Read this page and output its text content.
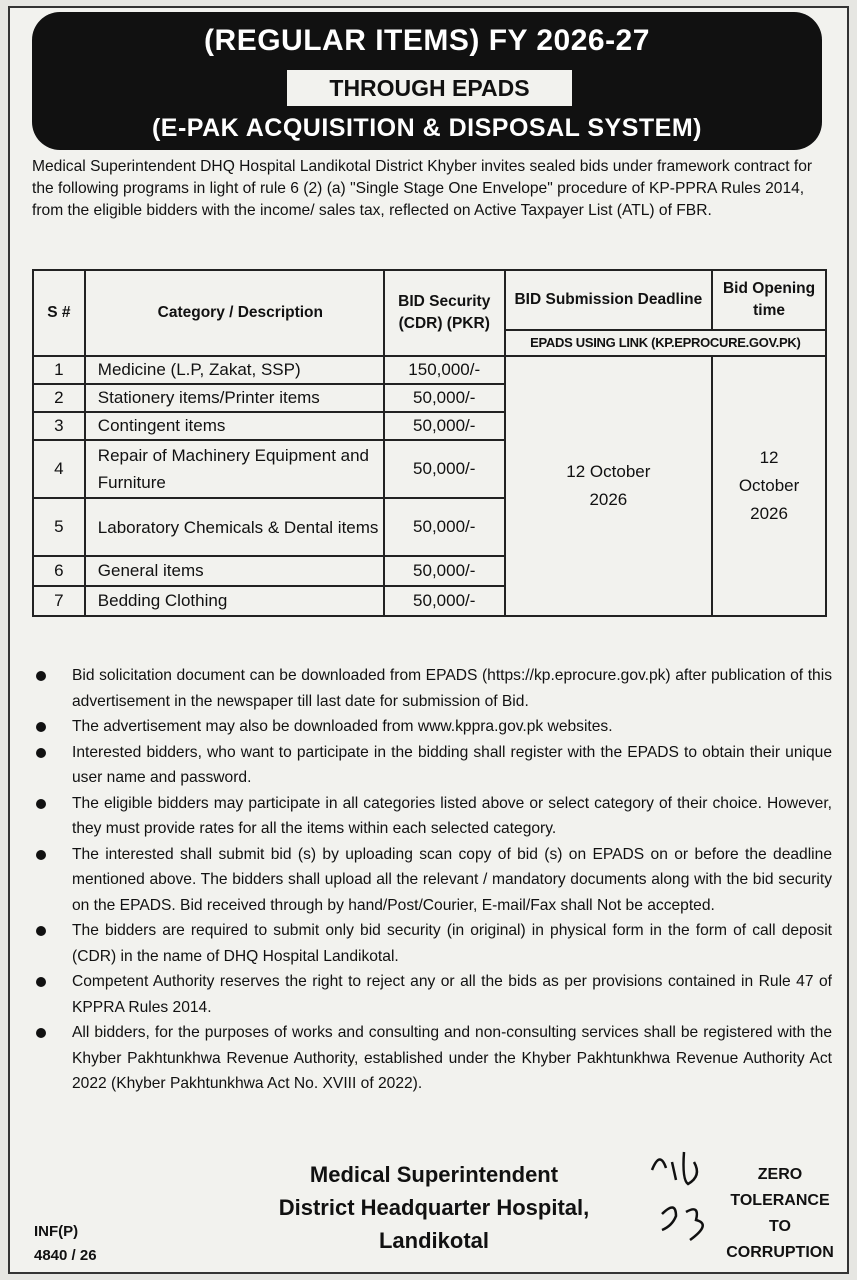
(REGULAR ITEMS) FY 2026-27
THROUGH EPADS
(E-PAK ACQUISITION & DISPOSAL SYSTEM)

Medical Superintendent DHQ Hospital Landikotal District Khyber invites sealed bids under framework contract for the following programs in light of rule 6 (2) (a) "Single Stage One Envelope" procedure of KP-PPRA Rules 2014, from the eligible bidders with the income/ sales tax, reflected on Active Taxpayer List (ATL) of FBR.

S #	Category / Description	BID Security (CDR) (PKR)	BID Submission Deadline	Bid Opening time
			EPADS USING LINK (KP.EPROCURE.GOV.PK)	
1	Medicine (L.P, Zakat, SSP)	150,000/-	12 October 2026	12 October 2026

2	Stationery items/Printer items	50,000/-		
3	Contingent items	50,000/-		
4	Repair of Machinery Equipment and Furniture	50,000/-		
5	Laboratory Chemicals & Dental items	50,000/-		
6	General items	50,000/-		
7	Bedding Clothing	50,000/-		
Bid solicitation document can be downloaded from EPADS (https://kp.eprocure.gov.pk) after publication of this advertisement in the newspaper till last date for submission of Bid.
The advertisement may also be downloaded from www.kppra.gov.pk websites.
Interested bidders, who want to participate in the bidding shall register with the EPADS to obtain their unique user name and password.
The eligible bidders may participate in all categories listed above or select category of their choice. However, they must provide rates for all the items within each selected category.
The interested shall submit bid (s) by uploading scan copy of bid (s) on EPADS on or before the deadline mentioned above. The bidders shall upload all the relevant / mandatory documents along with the bid security on the EPADS. Bid received through by hand/Post/Courier, E-mail/Fax shall Not be accepted.
The bidders are required to submit only bid security (in original) in physical form in the form of call deposit (CDR) in the name of DHQ Hospital Landikotal.
Competent Authority reserves the right to reject any or all the bids as per provisions contained in Rule 47 of KPPRA Rules 2014.
All bidders, for the purposes of works and consulting and non-consulting services shall be registered with the Khyber Pakhtunkhwa Revenue Authority, established under the Khyber Pakhtunkhwa Revenue Authority Act 2022 (Khyber Pakhtunkhwa Act No. XVIII of 2022).
Medical Superintendent
District Headquarter Hospital,
Landikotal
INF(P)
4840 / 26
ZERO
TOLERANCE
TO
CORRUPTION
